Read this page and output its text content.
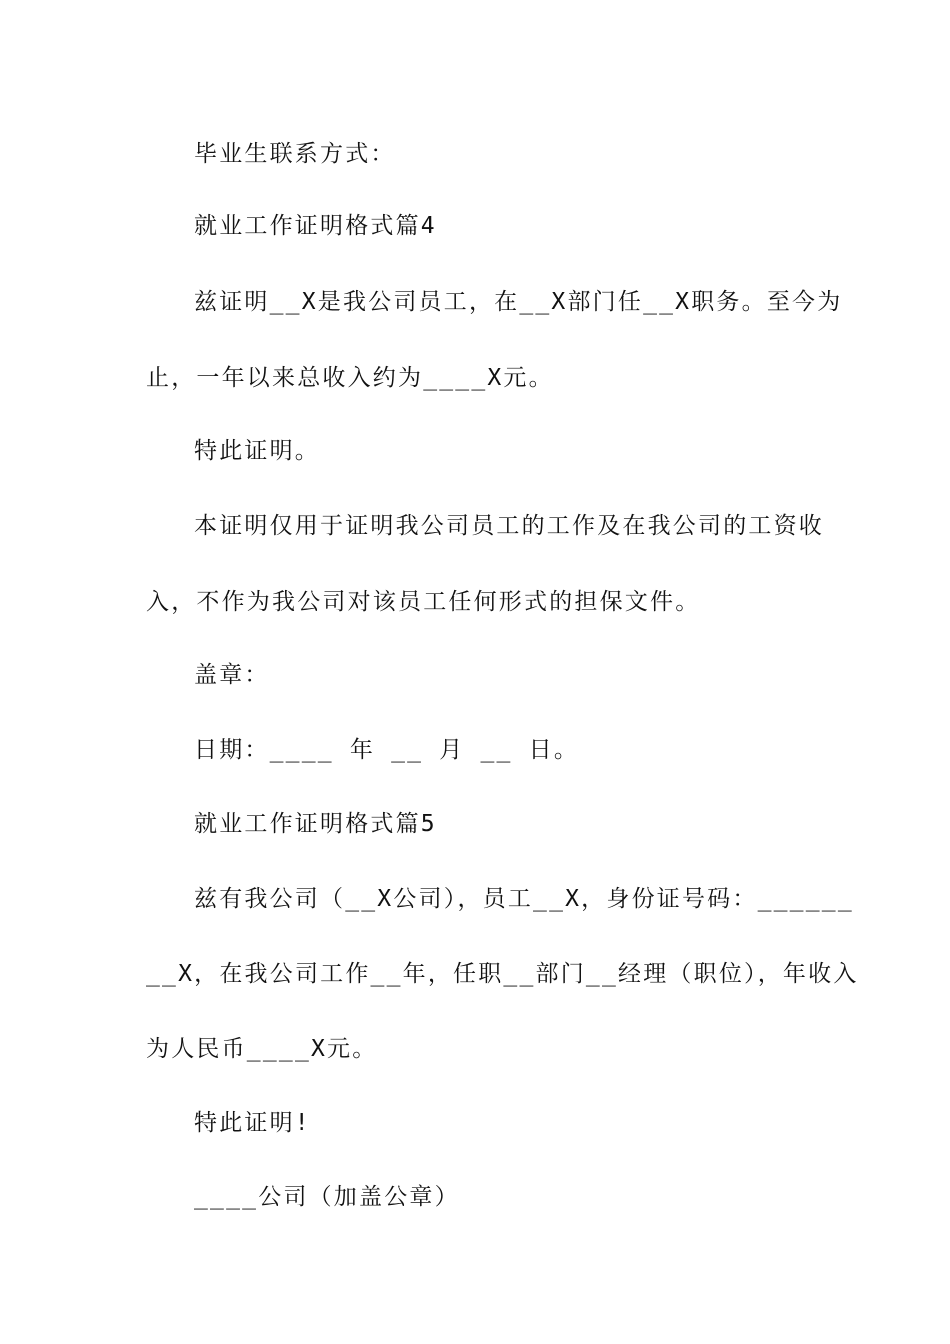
毕业生联系方式：
就业工作证明格式篇4
兹证明__X是我公司员工，在__X部门任__X职务。至今为
止，一年以来总收入约为____X元。
特此证明。
本证明仅用于证明我公司员工的工作及在我公司的工资收
入，不作为我公司对该员工任何形式的担保文件。
盖章：
日期：____ 年 __ 月 __ 日。
就业工作证明格式篇5
兹有我公司（__X公司），员工__X，身份证号码：______
__X，在我公司工作__年，任职__部门__经理（职位），年收入
为人民币____X元。
特此证明!
____公司（加盖公章）
